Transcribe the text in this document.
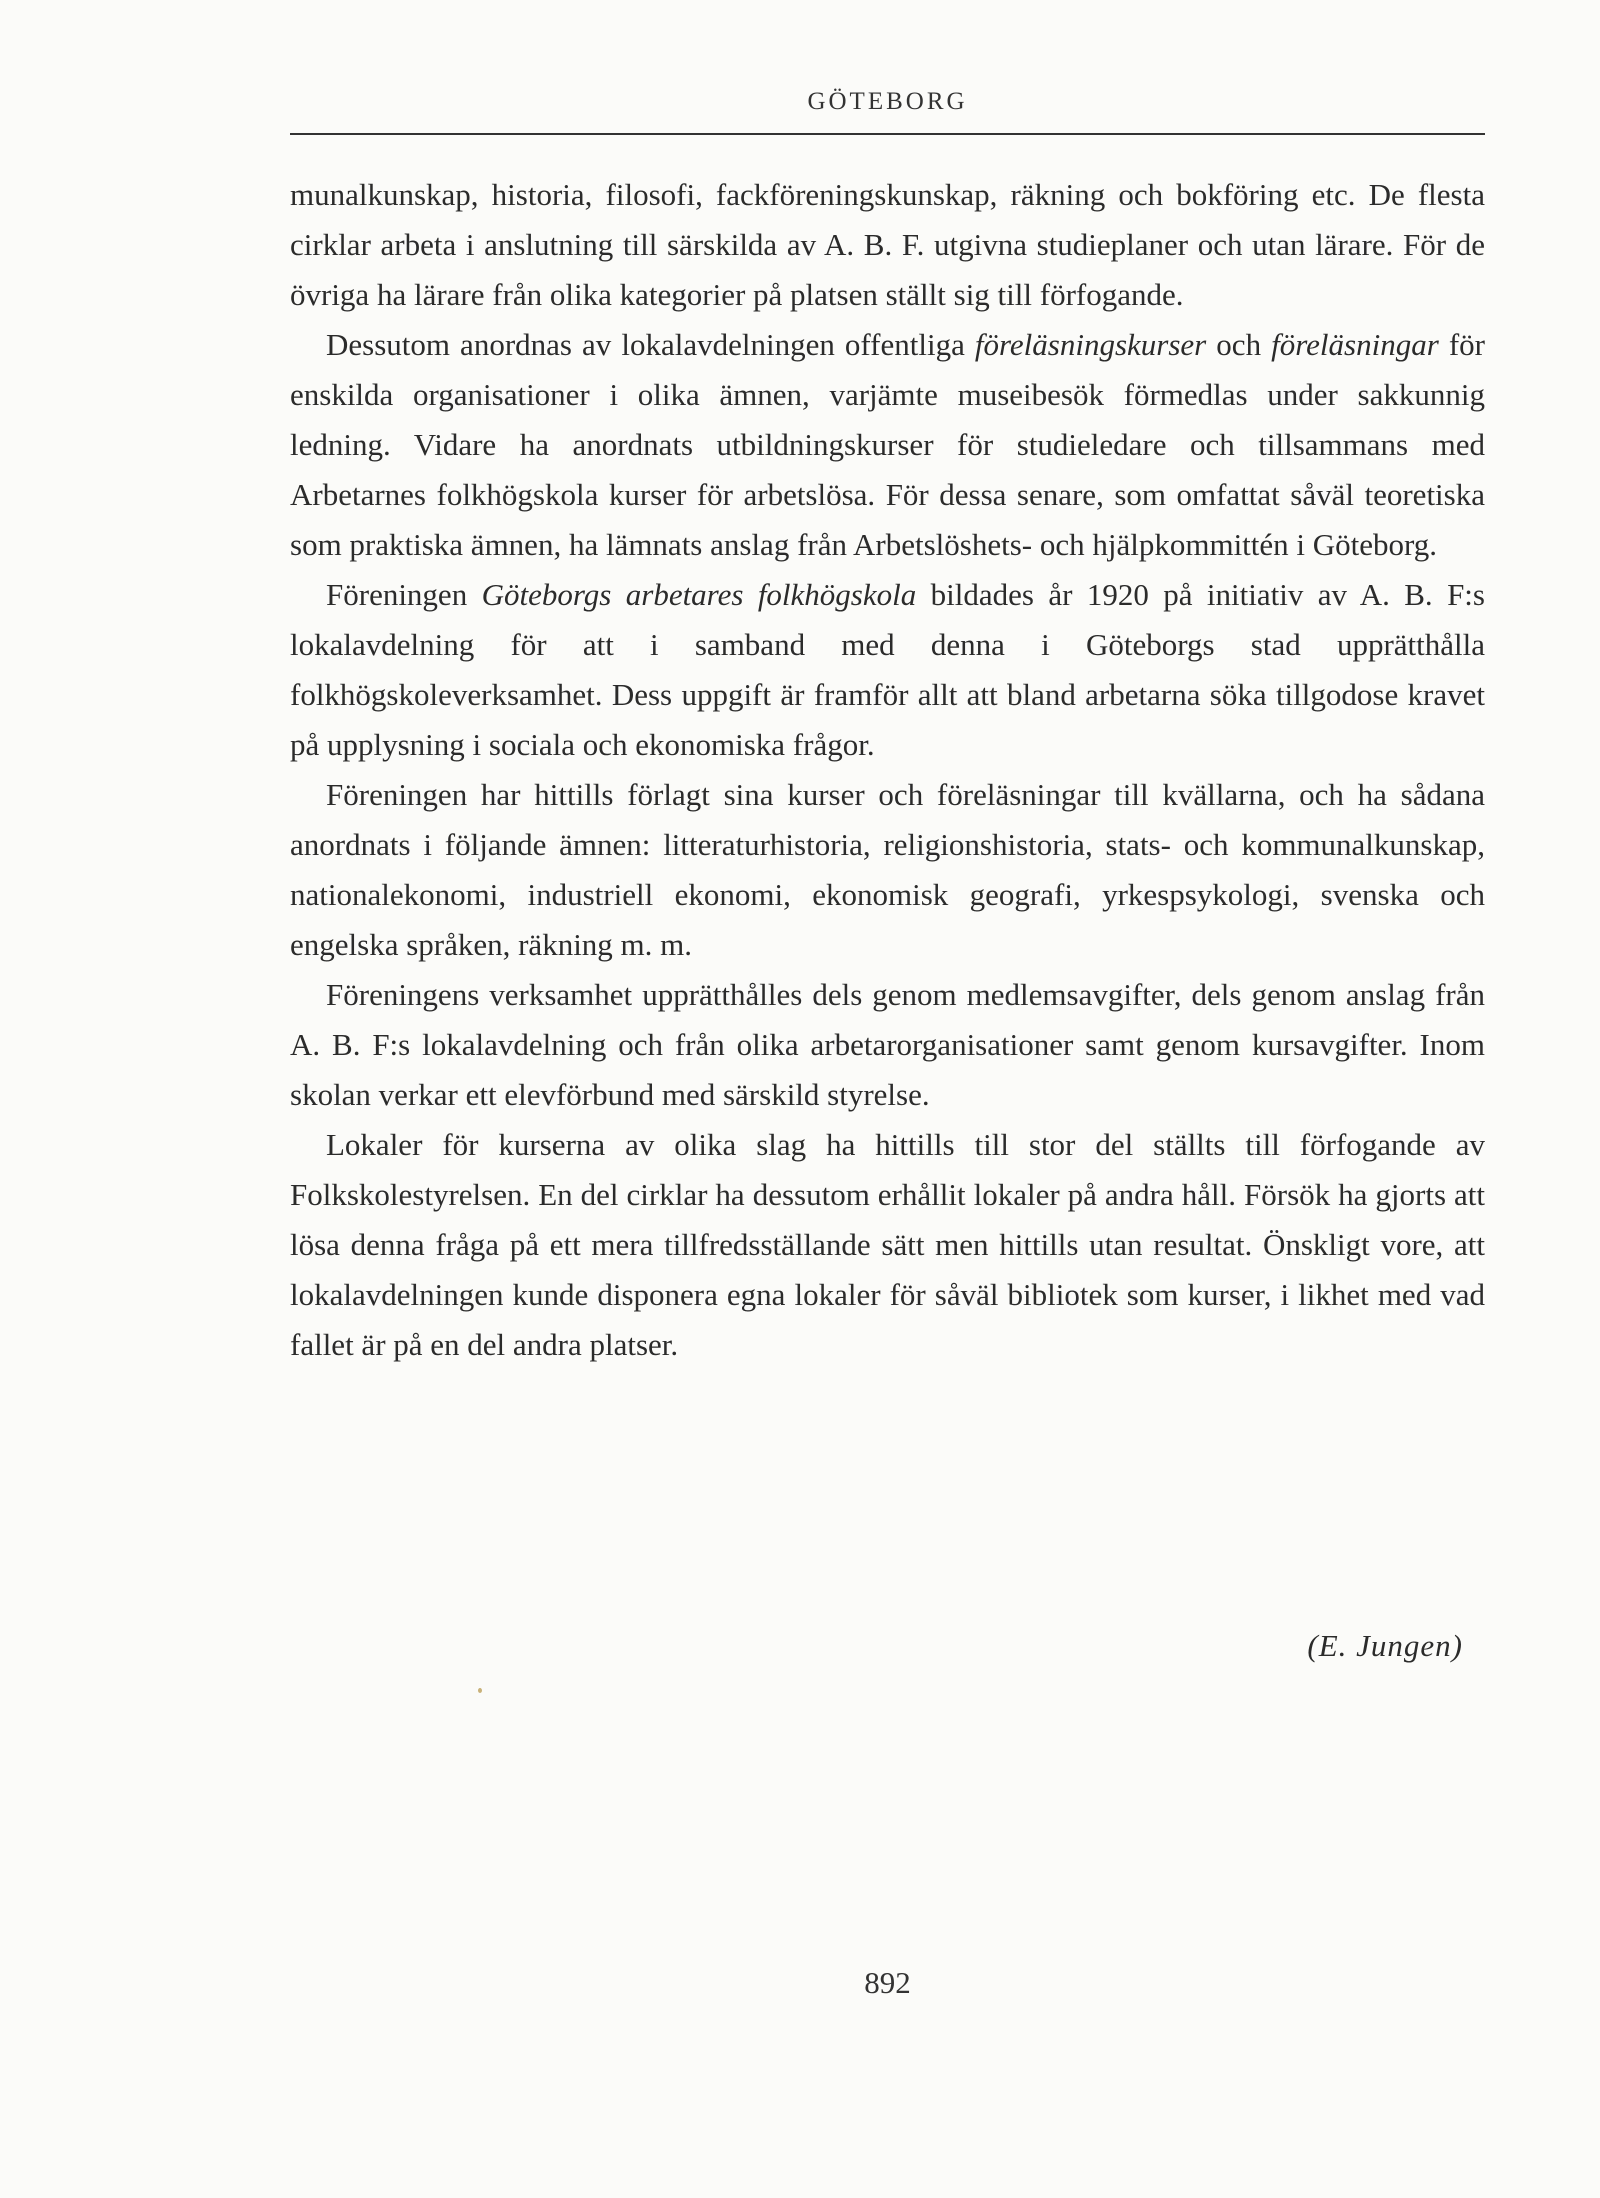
GÖTEBORG

munalkunskap, historia, filosofi, fackföreningskunskap, räkning och bokföring etc. De flesta cirklar arbeta i anslutning till särskilda av A. B. F. utgivna studieplaner och utan lärare. För de övriga ha lärare från olika kategorier på platsen ställt sig till förfogande.

Dessutom anordnas av lokalavdelningen offentliga föreläsningskurser och föreläsningar för enskilda organisationer i olika ämnen, varjämte museibesök förmedlas under sakkunnig ledning. Vidare ha anordnats utbildningskurser för studieledare och tillsammans med Arbetarnes folkhögskola kurser för arbetslösa. För dessa senare, som omfattat såväl teoretiska som praktiska ämnen, ha lämnats anslag från Arbetslöshets- och hjälpkommittén i Göteborg.

Föreningen Göteborgs arbetares folkhögskola bildades år 1920 på initiativ av A. B. F:s lokalavdelning för att i samband med denna i Göteborgs stad upprätthålla folkhögskoleverksamhet. Dess uppgift är framför allt att bland arbetarna söka tillgodose kravet på upplysning i sociala och ekonomiska frågor.

Föreningen har hittills förlagt sina kurser och föreläsningar till kvällarna, och ha sådana anordnats i följande ämnen: litteraturhistoria, religionshistoria, stats- och kommunalkunskap, nationalekonomi, industriell ekonomi, ekonomisk geografi, yrkespsykologi, svenska och engelska språken, räkning m. m.

Föreningens verksamhet upprätthålles dels genom medlemsavgifter, dels genom anslag från A. B. F:s lokalavdelning och från olika arbetarorganisationer samt genom kursavgifter. Inom skolan verkar ett elevförbund med särskild styrelse.

Lokaler för kurserna av olika slag ha hittills till stor del ställts till förfogande av Folkskolestyrelsen. En del cirklar ha dessutom erhållit lokaler på andra håll. Försök ha gjorts att lösa denna fråga på ett mera tillfredsställande sätt men hittills utan resultat. Önskligt vore, att lokalavdelningen kunde disponera egna lokaler för såväl bibliotek som kurser, i likhet med vad fallet är på en del andra platser.

(E. Jungen)
892
